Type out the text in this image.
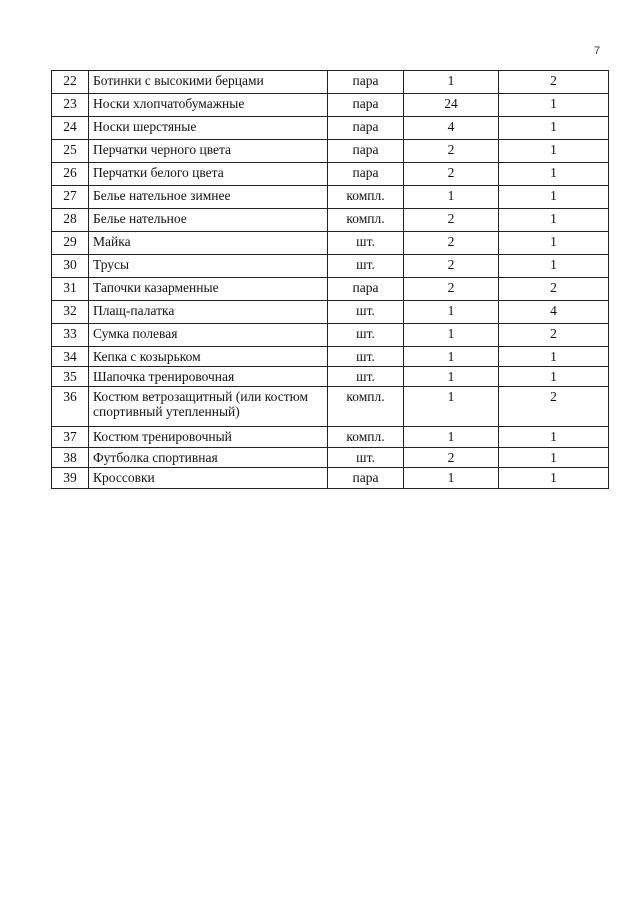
7
22	Ботинки с высокими берцами	пара	1	2
23	Носки хлопчатобумажные	пара	24	1
24	Носки шерстяные	пара	4	1
25	Перчатки черного цвета	пара	2	1
26	Перчатки белого цвета	пара	2	1
27	Белье нательное зимнее	компл.	1	1
28	Белье нательное	компл.	2	1
29	Майка	шт.	2	1
30	Трусы	шт.	2	1
31	Тапочки казарменные	пара	2	2
32	Плащ-палатка	шт.	1	4
33	Сумка полевая	шт.	1	2
34	Кепка с козырьком	шт.	1	1
35	Шапочка тренировочная	шт.	1	1
36	Костюм ветрозащитный (или костюм спортивный утепленный)	компл.	1	2
37	Костюм тренировочный	компл.	1	1
38	Футболка спортивная	шт.	2	1
39	Кроссовки	пара	1	1
